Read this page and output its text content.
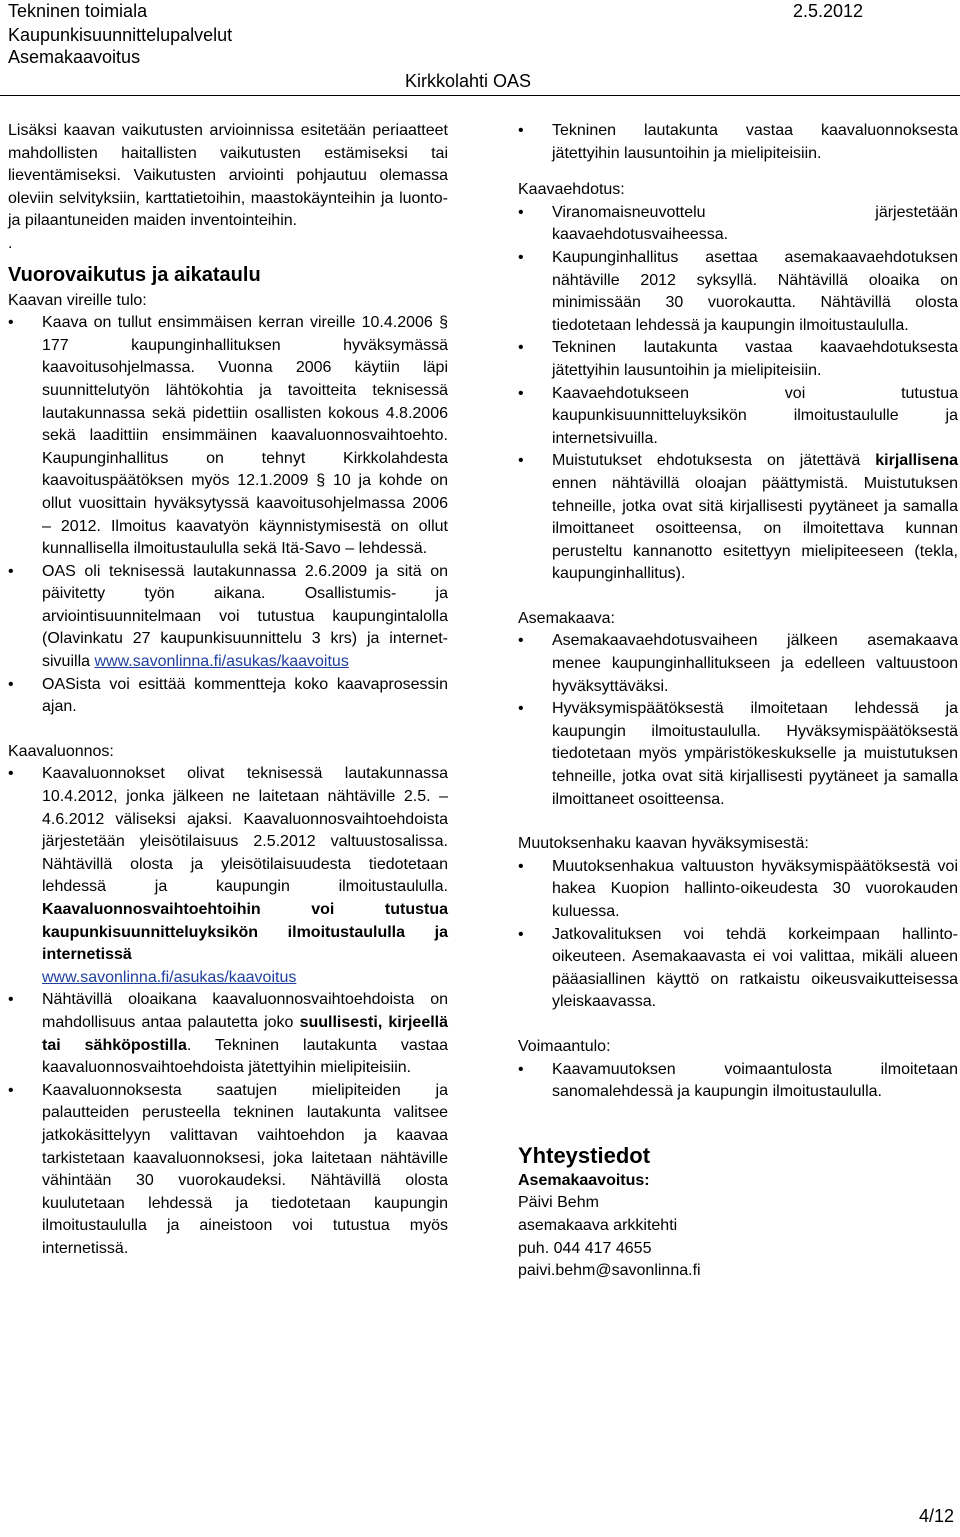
Tekninen toimiala	2.5.2012
Kaupunkisuunnittelupalvelut
Asemakaavoitus
Kirkkolahti OAS

Lisäksi kaavan vaikutusten arvioinnissa esitetään periaatteet mahdollisten haitallisten vaikutusten estämiseksi tai lieventämiseksi. Vaikutusten arviointi pohjautuu olemassa oleviin selvityksiin, karttatietoihin, maastokäynteihin ja luonto- ja pilaantuneiden maiden inventointeihin.

.

Vuorovaikutus ja aikataulu

Kaavan vireille tulo:

• Kaava on tullut ensimmäisen kerran vireille 10.4.2006 § 177 kaupunginhallituksen hyväksymässä kaavoitusohjelmassa. Vuonna 2006 käytiin läpi suunnittelutyön lähtökohtia ja tavoitteita teknisessä lautakunnassa sekä pidettiin osallisten kokous 4.8.2006 sekä laadittiin ensimmäinen kaavaluonnosvaihtoehto. Kaupunginhallitus on tehnyt Kirkkolahdesta kaavoituspäätöksen myös 12.1.2009 § 10 ja kohde on ollut vuosittain hyväksytyssä kaavoitusohjelmassa 2006 – 2012. Ilmoitus kaavatyön käynnistymisestä on ollut kunnallisella ilmoitustaululla sekä Itä-Savo – lehdessä.
• OAS oli teknisessä lautakunnassa 2.6.2009 ja sitä on päivitetty työn aikana. Osallistumis- ja arviointisuunnitelmaan voi tutustua kaupungintalolla (Olavinkatu 27 kaupunkisuunnittelu 3 krs) ja internet-sivuilla www.savonlinna.fi/asukas/kaavoitus
• OASista voi esittää kommentteja koko kaavaprosessin ajan.

Kaavaluonnos:

• Kaavaluonnokset olivat teknisessä lautakunnassa 10.4.2012, jonka jälkeen ne laitetaan nähtäville 2.5. – 4.6.2012 väliseksi ajaksi. Kaavaluonnosvaihtoehdoista järjestetään yleisötilaisuus 2.5.2012 valtuustosalissa. Nähtävillä olosta ja yleisötilaisuudesta tiedotetaan lehdessä ja kaupungin ilmoitustaululla. Kaavaluonnosvaihtoehtoihin voi tutustua kaupunkisuunnitteluyksikön ilmoitustaululla ja internetissä
www.savonlinna.fi/asukas/kaavoitus
• Nähtävillä oloaikana kaavaluonnosvaihtoehdoista on mahdollisuus antaa palautetta joko suullisesti, kirjeellä tai sähköpostilla. Tekninen lautakunta vastaa kaavaluonnosvaihtoehdoista jätettyihin mielipiteisiin.
• Kaavaluonnoksesta saatujen mielipiteiden ja palautteiden perusteella tekninen lautakunta valitsee jatkokäsittelyyn valittavan vaihtoehdon ja kaavaa tarkistetaan kaavaluonnoksesi, joka laitetaan nähtäville vähintään 30 vuorokaudeksi. Nähtävillä olosta kuulutetaan lehdessä ja tiedotetaan kaupungin ilmoitustaululla ja aineistoon voi tutustua myös internetissä.
• Tekninen lautakunta vastaa kaavaluonnoksesta jätettyihin lausuntoihin ja mielipiteisiin.

Kaavaehdotus:

• Viranomaisneuvottelu järjestetään kaavaehdotusvaiheessa.
• Kaupunginhallitus asettaa asemakaavaehdotuksen nähtäville 2012 syksyllä. Nähtävillä oloaika on minimissään 30 vuorokautta. Nähtävillä olosta tiedotetaan lehdessä ja kaupungin ilmoitustaululla.
• Tekninen lautakunta vastaa kaavaehdotuksesta jätettyihin lausuntoihin ja mielipiteisiin.
• Kaavaehdotukseen voi tutustua kaupunkisuunnitteluyksikön ilmoitustaululle ja internetsivuilla.
• Muistutukset ehdotuksesta on jätettävä kirjallisena ennen nähtävillä oloajan päättymistä. Muistutuksen tehneille, jotka ovat sitä kirjallisesti pyytäneet ja samalla ilmoittaneet osoitteensa, on ilmoitettava kunnan perusteltu kannanotto esitettyyn mielipiteeseen (tekla, kaupunginhallitus).

Asemakaava:

• Asemakaavaehdotusvaiheen jälkeen asemakaava menee kaupunginhallitukseen ja edelleen valtuustoon hyväksyttäväksi.
• Hyväksymispäätöksestä ilmoitetaan lehdessä ja kaupungin ilmoitustaululla. Hyväksymispäätöksestä tiedotetaan myös ympäristökeskukselle ja muistutuksen tehneille, jotka ovat sitä kirjallisesti pyytäneet ja samalla ilmoittaneet osoitteensa.

Muutoksenhaku kaavan hyväksymisestä:

• Muutoksenhakua valtuuston hyväksymispäätöksestä voi hakea Kuopion hallinto-oikeudesta 30 vuorokauden kuluessa.
• Jatkovalituksen voi tehdä korkeimpaan hallinto-oikeuteen. Asemakaavasta ei voi valittaa, mikäli alueen pääasiallinen käyttö on ratkaistu oikeusvaikutteisessa yleiskaavassa.

Voimaantulo:

• Kaavamuutoksen voimaantulosta ilmoitetaan sanomalehdessä ja kaupungin ilmoitustaululla.
Yhteystiedot

Asemakaavoitus:

Päivi Behm

asemakaava arkkitehti

puh. 044 417 4655

paivi.behm@savonlinna.fi

4/12
